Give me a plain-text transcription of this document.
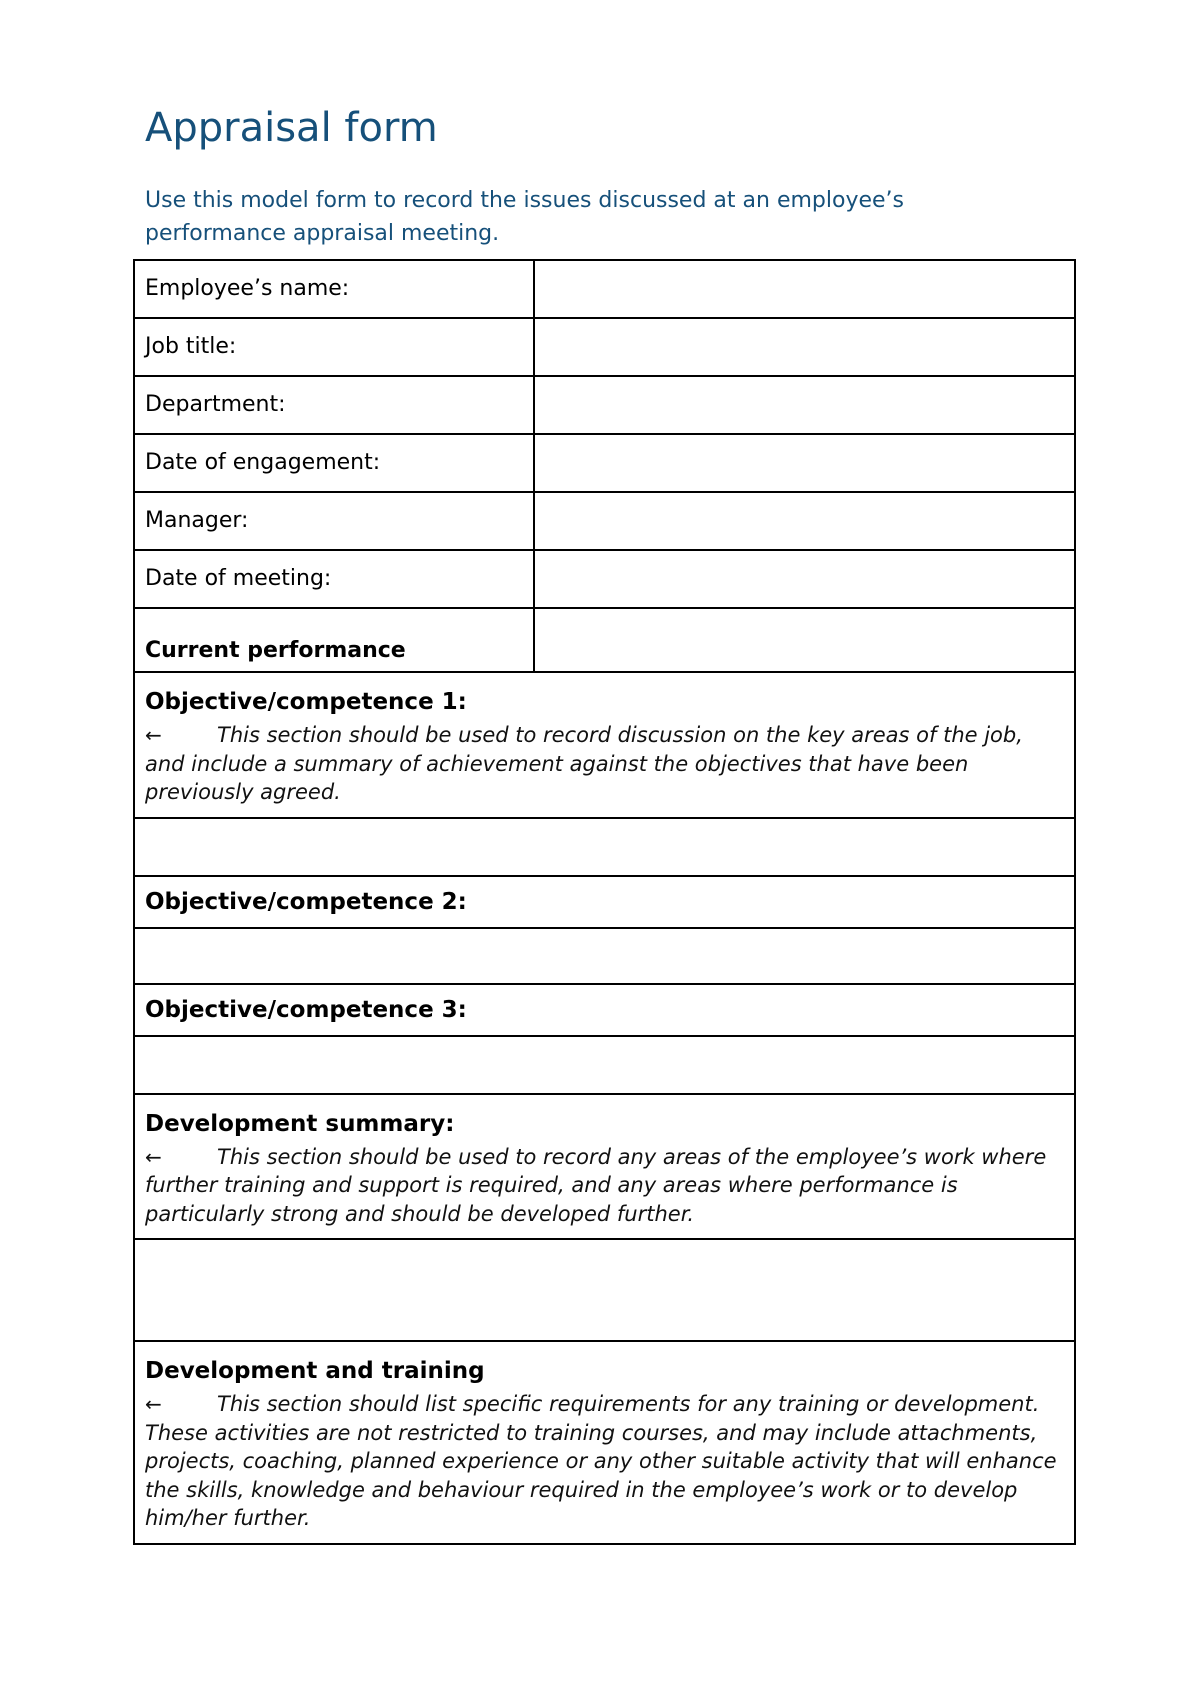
Appraisal form

Use this model form to record the issues discussed at an employee’s performance appraisal meeting.

Employee’s name:	
Job title:	
Department:	
Date of engagement:	
Manager:	
Date of meeting:	
Current performance	

Objective/competence 1:

← This section should be used to record discussion on the key areas of the job, and include a summary of achievement against the objectives that have been previously agreed.	

Objective/competence 2:	

Objective/competence 3:	

Development summary:

← This section should be used to record any areas of the employee’s work where further training and support is required, and any areas where performance is particularly strong and should be developed further.	

Development and training

← This section should list specific requirements for any training or development. These activities are not restricted to training courses, and may include attachments, projects, coaching, planned experience or any other suitable activity that will enhance the skills, knowledge and behaviour required in the employee’s work or to develop him/her further.	
